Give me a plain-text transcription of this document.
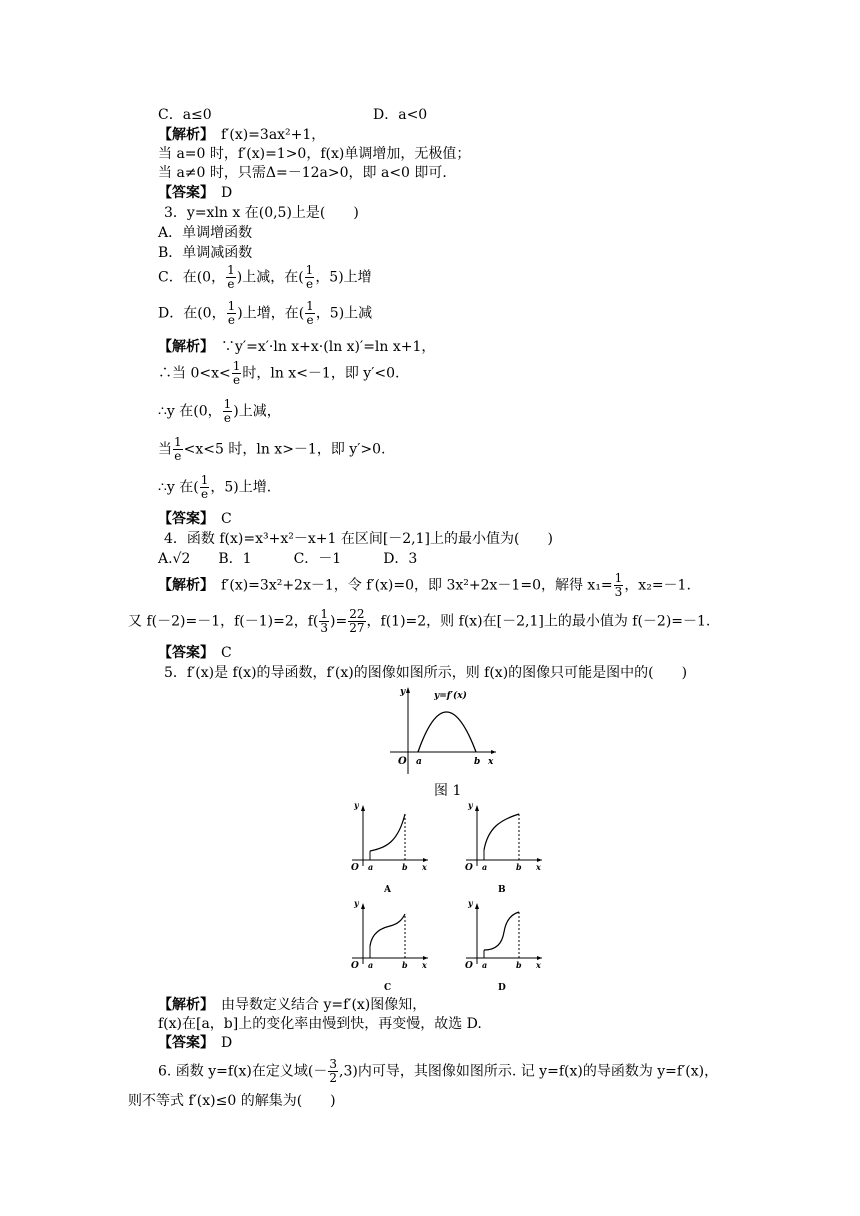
C．a≤0	D．a<0
【解析】　 f′(x)=3ax²+1，
当 a=0 时，f′(x)=1>0，f(x)单调增加，无极值；
当 a≠0 时，只需Δ=－12a>0，即 a<0 即可．
【答案】　 D
3．y=xln x 在(0,5)上是(　　)
A．单调增函数
B．单调减函数
C．在(0， $\frac{1}{e}$ )上减，在( $\frac{1}{e}$ ，5)上增
D．在(0， $\frac{1}{e}$ )上增，在( $\frac{1}{e}$ ，5)上减
【解析】　 ∵y′=x′·ln x+x·(ln x)′=ln x+1，
∴当 $0<x< \frac{1}{e}$ 时，ln x<－1，即 y′<0.
∴y 在(0， $\frac{1}{e}$ )上减，
当 $\frac{1}{e} <x<5$ 时，ln x>－1，即 y′>0.
∴y 在( $\frac{1}{e}$ ，5)上增.
【答案】　 C
4．函数 f(x)=x³+x²－x+1 在区间[－2,1]上的最小值为(　　)
A.√2　　B．1　　　C．－1　　　D．3
【解析】　 f′(x)=3x²+2x－1，令 f′(x)=0，即 3x²+2x－1=0，解得 $x_1= \frac{1}{3}$ ，x₂=－1.
又 f(－2)=－1，f(－1)=2，$f( \frac{1}{3}$ )= $\frac{22}{27}$ ，f(1)=2，则 f(x)在[－2,1]上的最小值为 f(－2)=－1.
【答案】　 C
5．f′(x)是 f(x)的导函数，f′(x)的图像如图所示，则 f(x)的图像只可能是图中的(　　)
y
x
O a	b
y=f′(x)
图 1
y
O a	b x
A
y
O a	b x
B
y
O a	b x
C
y
O a	b x
D
【解析】　 由导数定义结合 y=f′(x)图像知，
f(x)在[a，b]上的变化率由慢到快，再变慢，故选 D.
【答案】　 D
6. 函数 y=f(x)在定义域(－ $\frac{3}{2} ,3$)内可导，其图像如图所示. 记 y=f(x)的导函数为 y=f′(x)，
则不等式 f′(x)≤0 的解集为(　　)
